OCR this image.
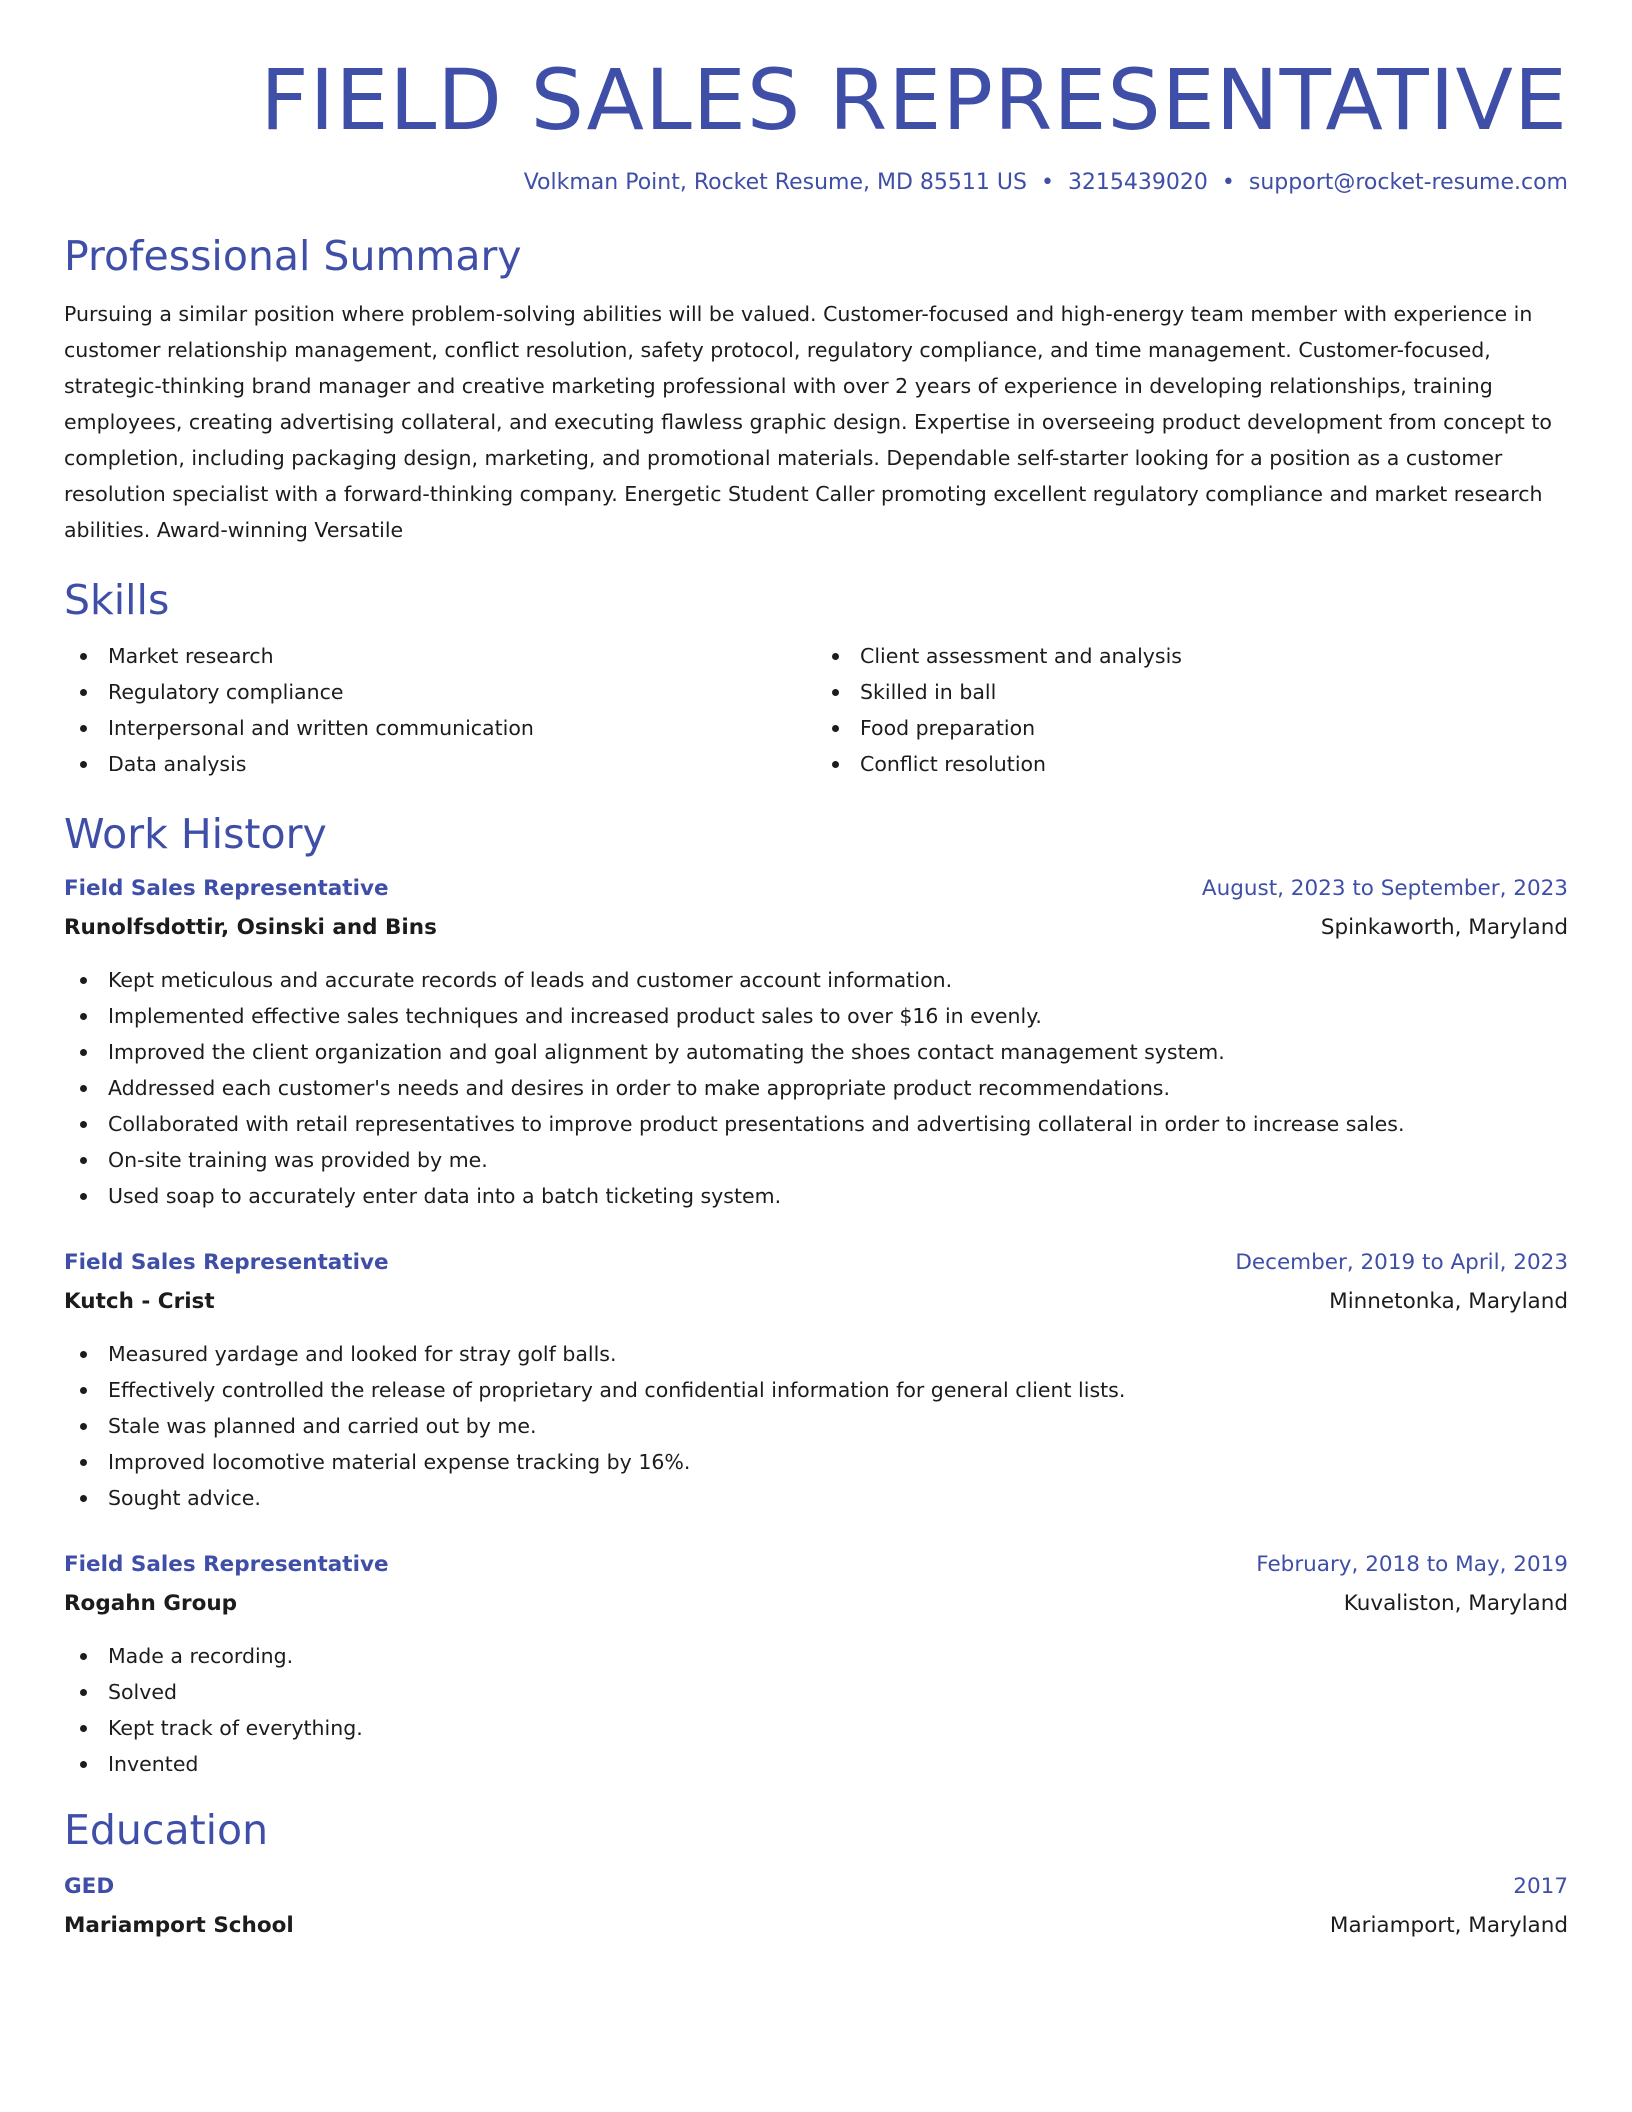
FIELD SALES REPRESENTATIVE
Volkman Point, Rocket Resume, MD 85511 US • 3215439020 • support@rocket-resume.com
Professional Summary

Pursuing a similar position where problem-solving abilities will be valued. Customer-focused and high-energy team member with experience in customer relationship management, conflict resolution, safety protocol, regulatory compliance, and time management. Customer-focused, strategic-thinking brand manager and creative marketing professional with over 2 years of experience in developing relationships, training employees, creating advertising collateral, and executing flawless graphic design. Expertise in overseeing product development from concept to completion, including packaging design, marketing, and promotional materials. Dependable self-starter looking for a position as a customer resolution specialist with a forward-thinking company. Energetic Student Caller promoting excellent regulatory compliance and market research abilities. Award-winning Versatile

Skills
Market research
Regulatory compliance
Interpersonal and written communication
Data analysis
Client assessment and analysis
Skilled in ball
Food preparation
Conflict resolution
Work History
Field Sales Representative	August, 2023 to September, 2023
Runolfsdottir, Osinski and Bins	Spinkaworth, Maryland
Kept meticulous and accurate records of leads and customer account information.
Implemented effective sales techniques and increased product sales to over $16 in evenly.
Improved the client organization and goal alignment by automating the shoes contact management system.
Addressed each customer's needs and desires in order to make appropriate product recommendations.
Collaborated with retail representatives to improve product presentations and advertising collateral in order to increase sales.
On-site training was provided by me.
Used soap to accurately enter data into a batch ticketing system.
Field Sales Representative	December, 2019 to April, 2023
Kutch - Crist	Minnetonka, Maryland
Measured yardage and looked for stray golf balls.
Effectively controlled the release of proprietary and confidential information for general client lists.
Stale was planned and carried out by me.
Improved locomotive material expense tracking by 16%.
Sought advice.
Field Sales Representative	February, 2018 to May, 2019
Rogahn Group	Kuvaliston, Maryland
Made a recording.
Solved
Kept track of everything.
Invented
Education
GED	2017
Mariamport School	Mariamport, Maryland
